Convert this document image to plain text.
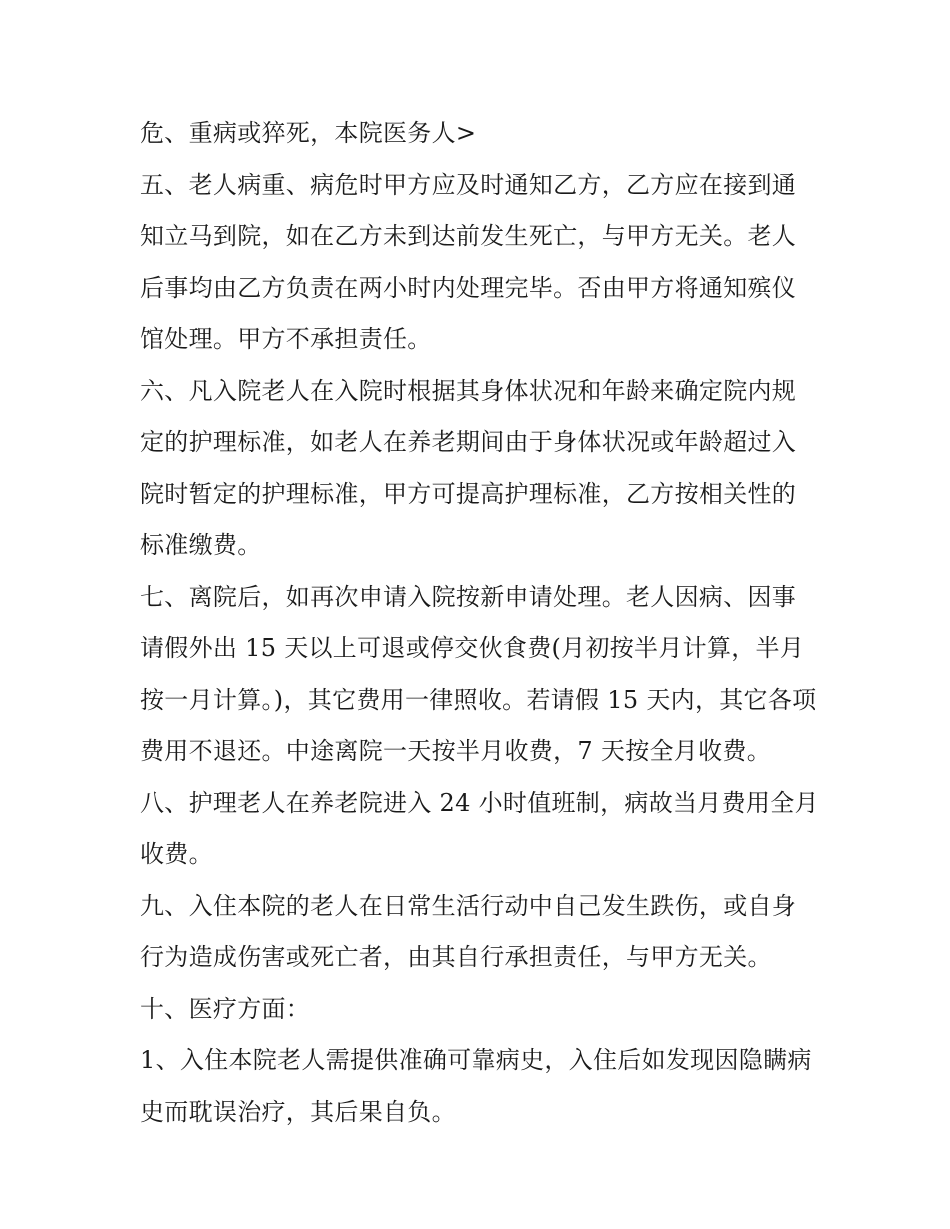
危、重病或猝死，本院医务人>

五、老人病重、病危时甲方应及时通知乙方，乙方应在接到通知立马到院，如在乙方未到达前发生死亡，与甲方无关。老人后事均由乙方负责在两小时内处理完毕。否由甲方将通知殡仪馆处理。甲方不承担责任。

六、凡入院老人在入院时根据其身体状况和年龄来确定院内规定的护理标准，如老人在养老期间由于身体状况或年龄超过入院时暂定的护理标准，甲方可提高护理标准，乙方按相关性的标准缴费。

七、离院后，如再次申请入院按新申请处理。老人因病、因事请假外出 15 天以上可退或停交伙食费(月初按半月计算，半月按一月计算。)，其它费用一律照收。若请假 15 天内，其它各项费用不退还。中途离院一天按半月收费，7 天按全月收费。

八、护理老人在养老院进入 24 小时值班制，病故当月费用全月收费。

九、入住本院的老人在日常生活行动中自己发生跌伤，或自身行为造成伤害或死亡者，由其自行承担责任，与甲方无关。

十、医疗方面：

1、入住本院老人需提供准确可靠病史，入住后如发现因隐瞒病史而耽误治疗，其后果自负。
